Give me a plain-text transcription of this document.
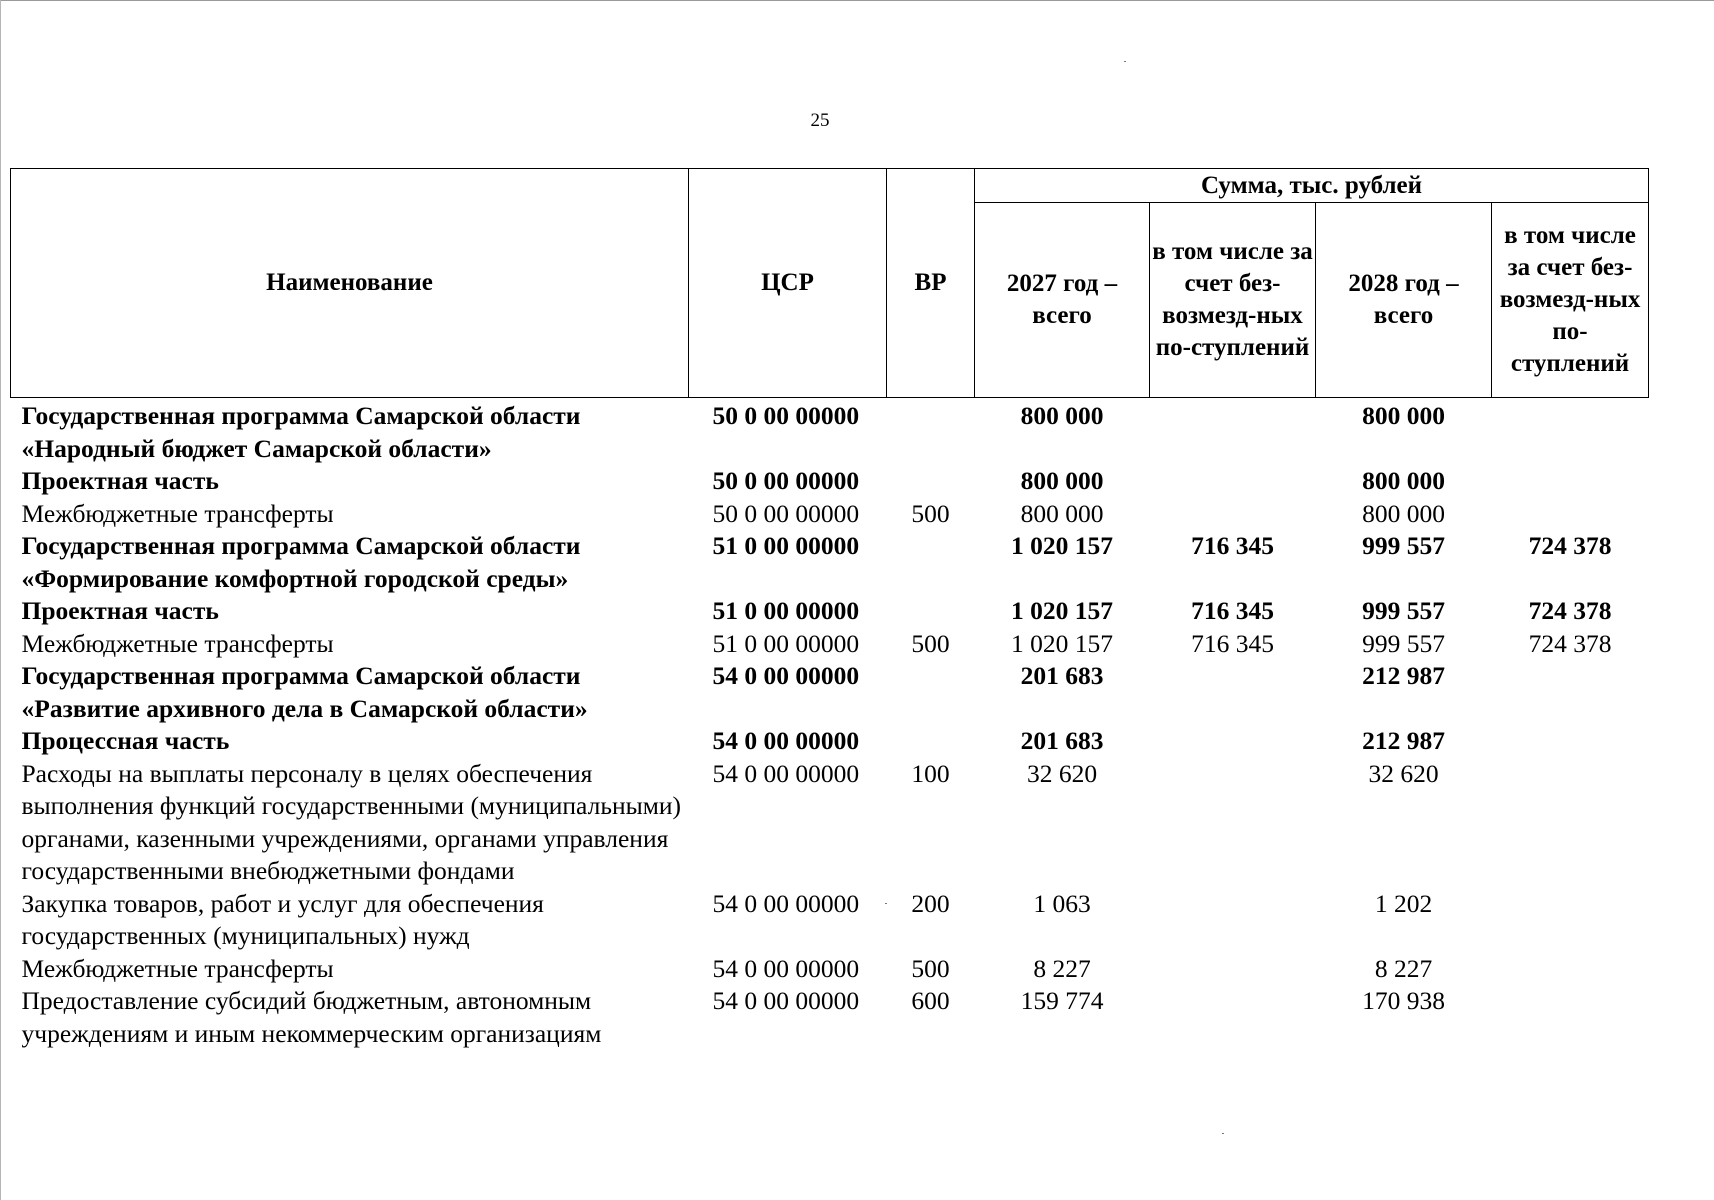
25
Наименование	ЦСР	ВР	Сумма, тыс. рублей			
			2027 год – всего	в том числе за счет без-возмезд-ных по-ступлений	2028 год – всего	в том числе за счет без-возмезд-ных по-ступлений
Государственная программа Самарской области «Народный бюджет Самарской области»	50 0 00 00000		800 000		800 000	
Проектная часть	50 0 00 00000		800 000		800 000	
Межбюджетные трансферты	50 0 00 00000	500	800 000		800 000	
Государственная программа Самарской области «Формирование комфортной городской среды»	51 0 00 00000		1 020 157	716 345	999 557	724 378
Проектная часть	51 0 00 00000		1 020 157	716 345	999 557	724 378
Межбюджетные трансферты	51 0 00 00000	500	1 020 157	716 345	999 557	724 378
Государственная программа Самарской области «Развитие архивного дела в Самарской области»	54 0 00 00000		201 683		212 987	
Процессная часть	54 0 00 00000		201 683		212 987	
Расходы на выплаты персоналу в целях обеспечения выполнения функций государственными (муниципальными) органами, казенными учреждениями, органами управления государственными внебюджетными фондами	54 0 00 00000	100	32 620		32 620	
Закупка товаров, работ и услуг для обеспечения государственных (муниципальных) нужд	54 0 00 00000	200	1 063		1 202	
Межбюджетные трансферты	54 0 00 00000	500	8 227		8 227	
Предоставление субсидий бюджетным, автономным учреждениям и иным некоммерческим организациям	54 0 00 00000	600	159 774		170 938	
